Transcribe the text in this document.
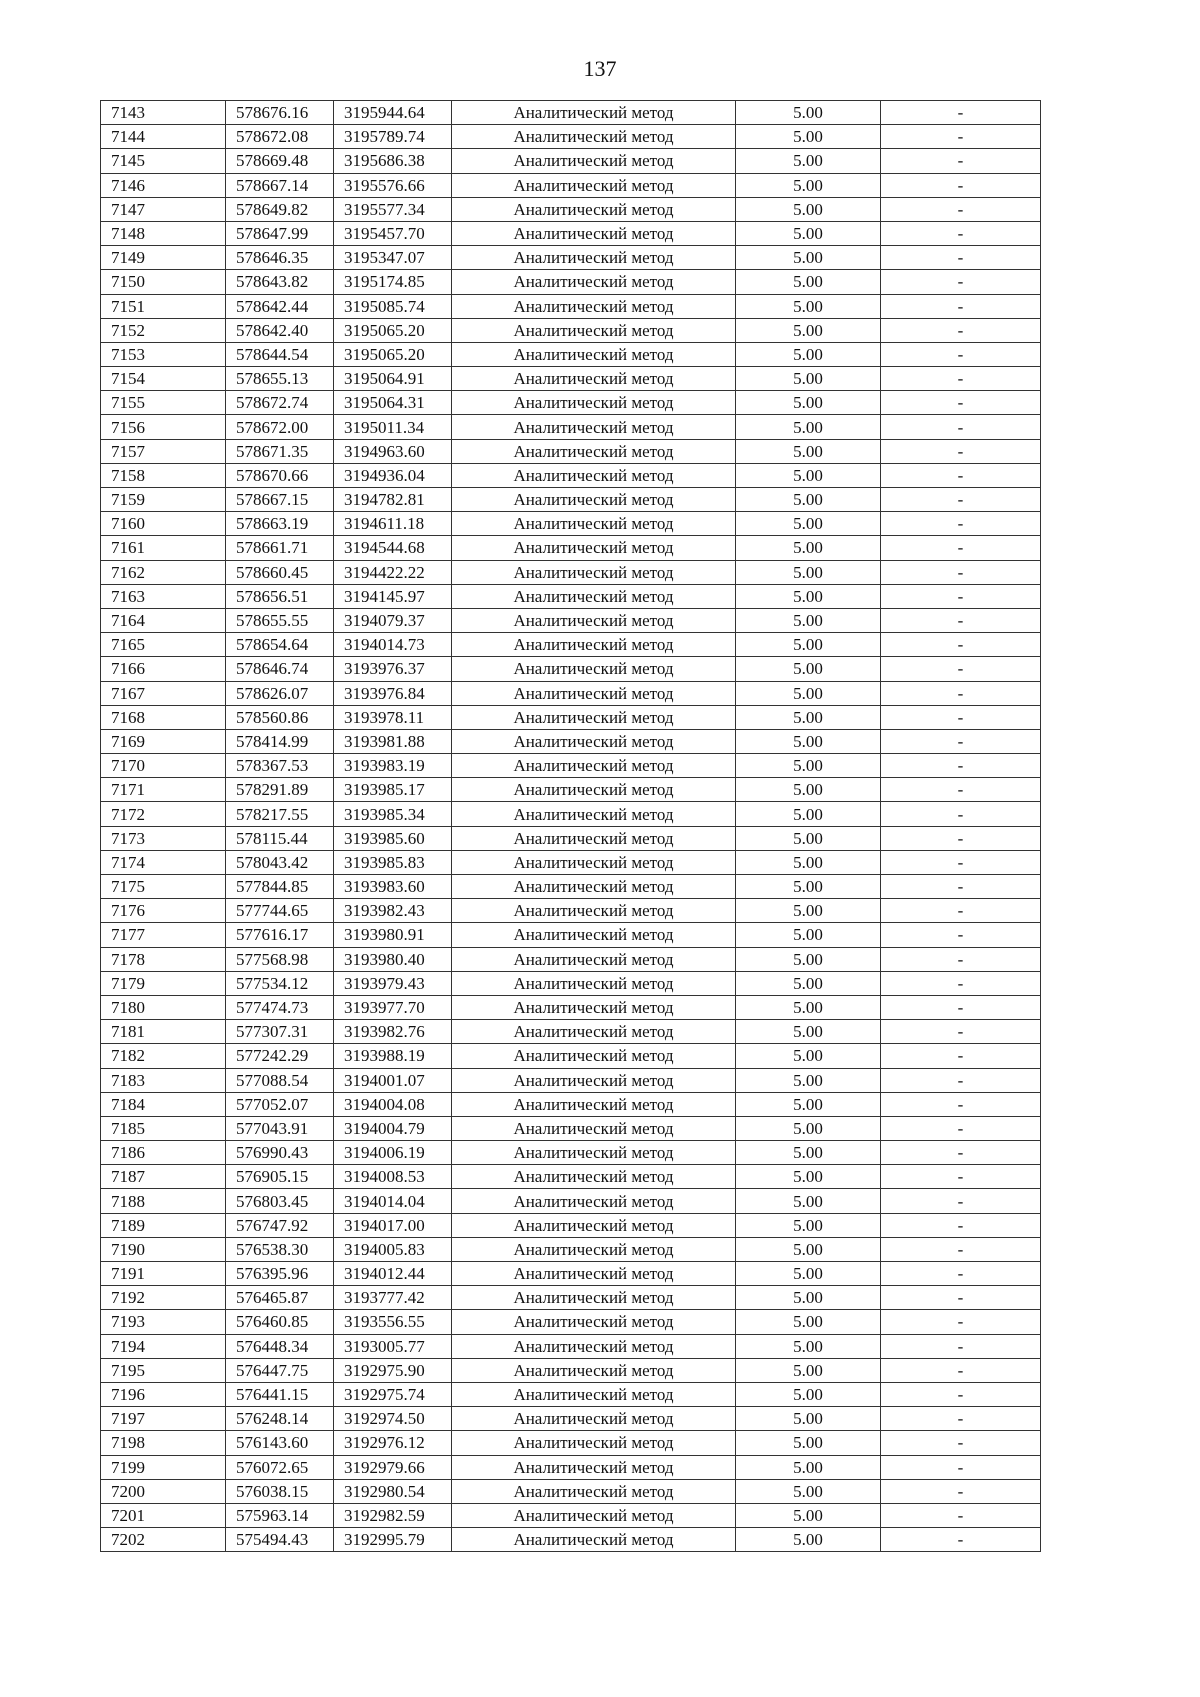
137
7143	578676.16	3195944.64	Аналитический метод	5.00	-
7144	578672.08	3195789.74	Аналитический метод	5.00	-
7145	578669.48	3195686.38	Аналитический метод	5.00	-
7146	578667.14	3195576.66	Аналитический метод	5.00	-
7147	578649.82	3195577.34	Аналитический метод	5.00	-
7148	578647.99	3195457.70	Аналитический метод	5.00	-
7149	578646.35	3195347.07	Аналитический метод	5.00	-
7150	578643.82	3195174.85	Аналитический метод	5.00	-
7151	578642.44	3195085.74	Аналитический метод	5.00	-
7152	578642.40	3195065.20	Аналитический метод	5.00	-
7153	578644.54	3195065.20	Аналитический метод	5.00	-
7154	578655.13	3195064.91	Аналитический метод	5.00	-
7155	578672.74	3195064.31	Аналитический метод	5.00	-
7156	578672.00	3195011.34	Аналитический метод	5.00	-
7157	578671.35	3194963.60	Аналитический метод	5.00	-
7158	578670.66	3194936.04	Аналитический метод	5.00	-
7159	578667.15	3194782.81	Аналитический метод	5.00	-
7160	578663.19	3194611.18	Аналитический метод	5.00	-
7161	578661.71	3194544.68	Аналитический метод	5.00	-
7162	578660.45	3194422.22	Аналитический метод	5.00	-
7163	578656.51	3194145.97	Аналитический метод	5.00	-
7164	578655.55	3194079.37	Аналитический метод	5.00	-
7165	578654.64	3194014.73	Аналитический метод	5.00	-
7166	578646.74	3193976.37	Аналитический метод	5.00	-
7167	578626.07	3193976.84	Аналитический метод	5.00	-
7168	578560.86	3193978.11	Аналитический метод	5.00	-
7169	578414.99	3193981.88	Аналитический метод	5.00	-
7170	578367.53	3193983.19	Аналитический метод	5.00	-
7171	578291.89	3193985.17	Аналитический метод	5.00	-
7172	578217.55	3193985.34	Аналитический метод	5.00	-
7173	578115.44	3193985.60	Аналитический метод	5.00	-
7174	578043.42	3193985.83	Аналитический метод	5.00	-
7175	577844.85	3193983.60	Аналитический метод	5.00	-
7176	577744.65	3193982.43	Аналитический метод	5.00	-
7177	577616.17	3193980.91	Аналитический метод	5.00	-
7178	577568.98	3193980.40	Аналитический метод	5.00	-
7179	577534.12	3193979.43	Аналитический метод	5.00	-
7180	577474.73	3193977.70	Аналитический метод	5.00	-
7181	577307.31	3193982.76	Аналитический метод	5.00	-
7182	577242.29	3193988.19	Аналитический метод	5.00	-
7183	577088.54	3194001.07	Аналитический метод	5.00	-
7184	577052.07	3194004.08	Аналитический метод	5.00	-
7185	577043.91	3194004.79	Аналитический метод	5.00	-
7186	576990.43	3194006.19	Аналитический метод	5.00	-
7187	576905.15	3194008.53	Аналитический метод	5.00	-
7188	576803.45	3194014.04	Аналитический метод	5.00	-
7189	576747.92	3194017.00	Аналитический метод	5.00	-
7190	576538.30	3194005.83	Аналитический метод	5.00	-
7191	576395.96	3194012.44	Аналитический метод	5.00	-
7192	576465.87	3193777.42	Аналитический метод	5.00	-
7193	576460.85	3193556.55	Аналитический метод	5.00	-
7194	576448.34	3193005.77	Аналитический метод	5.00	-
7195	576447.75	3192975.90	Аналитический метод	5.00	-
7196	576441.15	3192975.74	Аналитический метод	5.00	-
7197	576248.14	3192974.50	Аналитический метод	5.00	-
7198	576143.60	3192976.12	Аналитический метод	5.00	-
7199	576072.65	3192979.66	Аналитический метод	5.00	-
7200	576038.15	3192980.54	Аналитический метод	5.00	-
7201	575963.14	3192982.59	Аналитический метод	5.00	-
7202	575494.43	3192995.79	Аналитический метод	5.00	-
